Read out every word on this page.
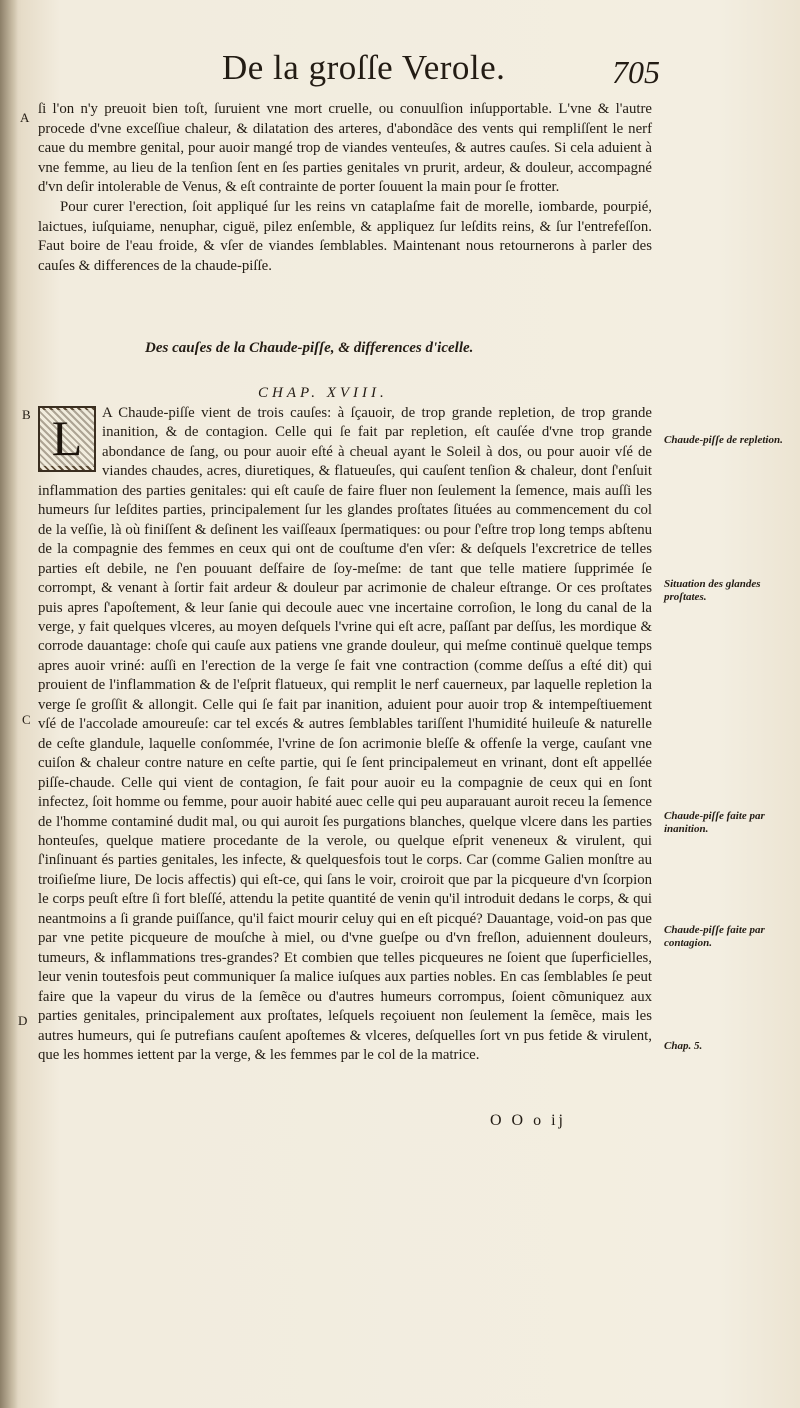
De la groſſe Verole.	705

ſi l'on n'y preuoit bien toſt, ſuruient vne mort cruelle, ou conuulſion inſupportable. L'vne & l'autre procede d'vne exceſſiue chaleur, & dilatation des arteres, d'abondãce des vents qui rempliſſent le nerf caue du membre genital, pour auoir mangé trop de viandes venteuſes, & autres cauſes. Si cela aduient à vne femme, au lieu de la tenſion ſent en ſes parties genitales vn prurit, ardeur, & douleur, accompagné d'vn deſir intolerable de Venus, & eſt contrainte de porter ſouuent la main pour ſe frotter.

Pour curer l'erection, ſoit appliqué ſur les reins vn cataplaſme fait de morelle, iombarde, pourpié, laictues, iuſquiame, nenuphar, ciguë, pilez enſemble, & appliquez ſur leſdits reins, & ſur l'entrefeſſon. Faut boire de l'eau froide, & vſer de viandes ſemblables. Maintenant nous retournerons à parler des cauſes & differences de la chaude-piſſe.

A
B
C
D
Des cauſes de la Chaude-piſſe, & differences d'icelle.
CHAP. XVIII.
L	A Chaude-piſſe vient de trois cauſes: à ſçauoir, de trop grande repletion, de trop grande inanition, & de contagion. Celle qui ſe fait par repletion, eſt cauſée d'vne trop grande abondance de ſang, ou pour auoir eſté à cheual ayant le Soleil à dos, ou pour auoir vſé de viandes chaudes, acres, diuretiques, & flatueuſes, qui cauſent tenſion & chaleur, dont ſ'enſuit inflammation des parties genitales: qui eſt cauſe de faire fluer non ſeulement la ſemence, mais auſſi les humeurs ſur leſdites parties, principalement ſur les glandes proſtates ſituées au commencement du col de la veſſie, là où finiſſent & deſinent les vaiſſeaux ſpermatiques: ou pour ſ'eſtre trop long temps abſtenu de la compagnie des femmes en ceux qui ont de couſtume d'en vſer: & deſquels l'excretrice de telles parties eſt debile, ne ſ'en pouuant deſfaire de ſoy-meſme: de tant que telle matiere ſupprimée ſe corrompt, & venant à ſortir fait ardeur & douleur par acrimonie de chaleur eſtrange. Or ces proſtates puis apres ſ'apoſtement, & leur ſanie qui decoule auec vne incertaine corroſion, le long du canal de la verge, y fait quelques vlceres, au moyen deſquels l'vrine qui eſt acre, paſſant par deſſus, les mordique & corrode dauantage: choſe qui cauſe aux patiens vne grande douleur, qui meſme continuë quelque temps apres auoir vriné: auſſi en l'erection de la verge ſe fait vne contraction (comme deſſus a eſté dit) qui prouient de l'inflammation & de l'eſprit flatueux, qui remplit le nerf cauerneux, par laquelle repletion la verge ſe groſſit & allongit. Celle qui ſe fait par inanition, aduient pour auoir trop & intempeſtiuement vſé de l'accolade amoureuſe: car tel excés & autres ſemblables tariſſent l'humidité huileuſe & naturelle de ceſte glandule, laquelle conſommée, l'vrine de ſon acrimonie bleſſe & offenſe la verge, cauſant vne cuiſon & chaleur contre nature en ceſte partie, qui ſe ſent principalemeut en vrinant, dont eſt appellée piſſe-chaude. Celle qui vient de contagion, ſe fait pour auoir eu la compagnie de ceux qui en ſont infectez, ſoit homme ou femme, pour auoir habité auec celle qui peu auparauant auroit receu la ſemence de l'homme contaminé dudit mal, ou qui auroit ſes purgations blanches, quelque vlcere dans les parties honteuſes, quelque matiere procedante de la verole, ou quelque eſprit veneneux & virulent, qui ſ'inſinuant és parties genitales, les infecte, & quelquesfois tout le corps. Car (comme Galien monſtre au troiſieſme liure, De locis affectis) qui eſt-ce, qui ſans le voir, croiroit que par la picqueure d'vn ſcorpion le corps peuſt eſtre ſi fort bleſſé, attendu la petite quantité de venin qu'il introduit dedans le corps, & qui neantmoins a ſi grande puiſſance, qu'il faict mourir celuy qui en eſt picqué? Dauantage, void-on pas que par vne petite picqueure de mouſche à miel, ou d'vne gueſpe ou d'vn freſlon, aduiennent douleurs, tumeurs, & inflammations tres-grandes? Et combien que telles picqueures ne ſoient que ſuperficielles, leur venin toutesfois peut communiquer ſa malice iuſques aux parties nobles. En cas ſemblables ſe peut faire que la vapeur du virus de la ſemẽce ou d'autres humeurs corrompus, ſoient cõmuniquez aux parties genitales, principalement aux proſtates, leſquels reçoiuent non ſeulement la ſemẽce, mais les autres humeurs, qui ſe putrefians cauſent apoſtemes & vlceres, deſquelles ſort vn pus fetide & virulent, que les hommes iettent par la verge, & les femmes par le col de la matrice.
Chaude-piſſe de repletion.
Situation des glandes proſtates.
Chaude-piſſe faite par inanition.
Chaude-piſſe faite par contagion.
Chap. 5.
O O o ij
